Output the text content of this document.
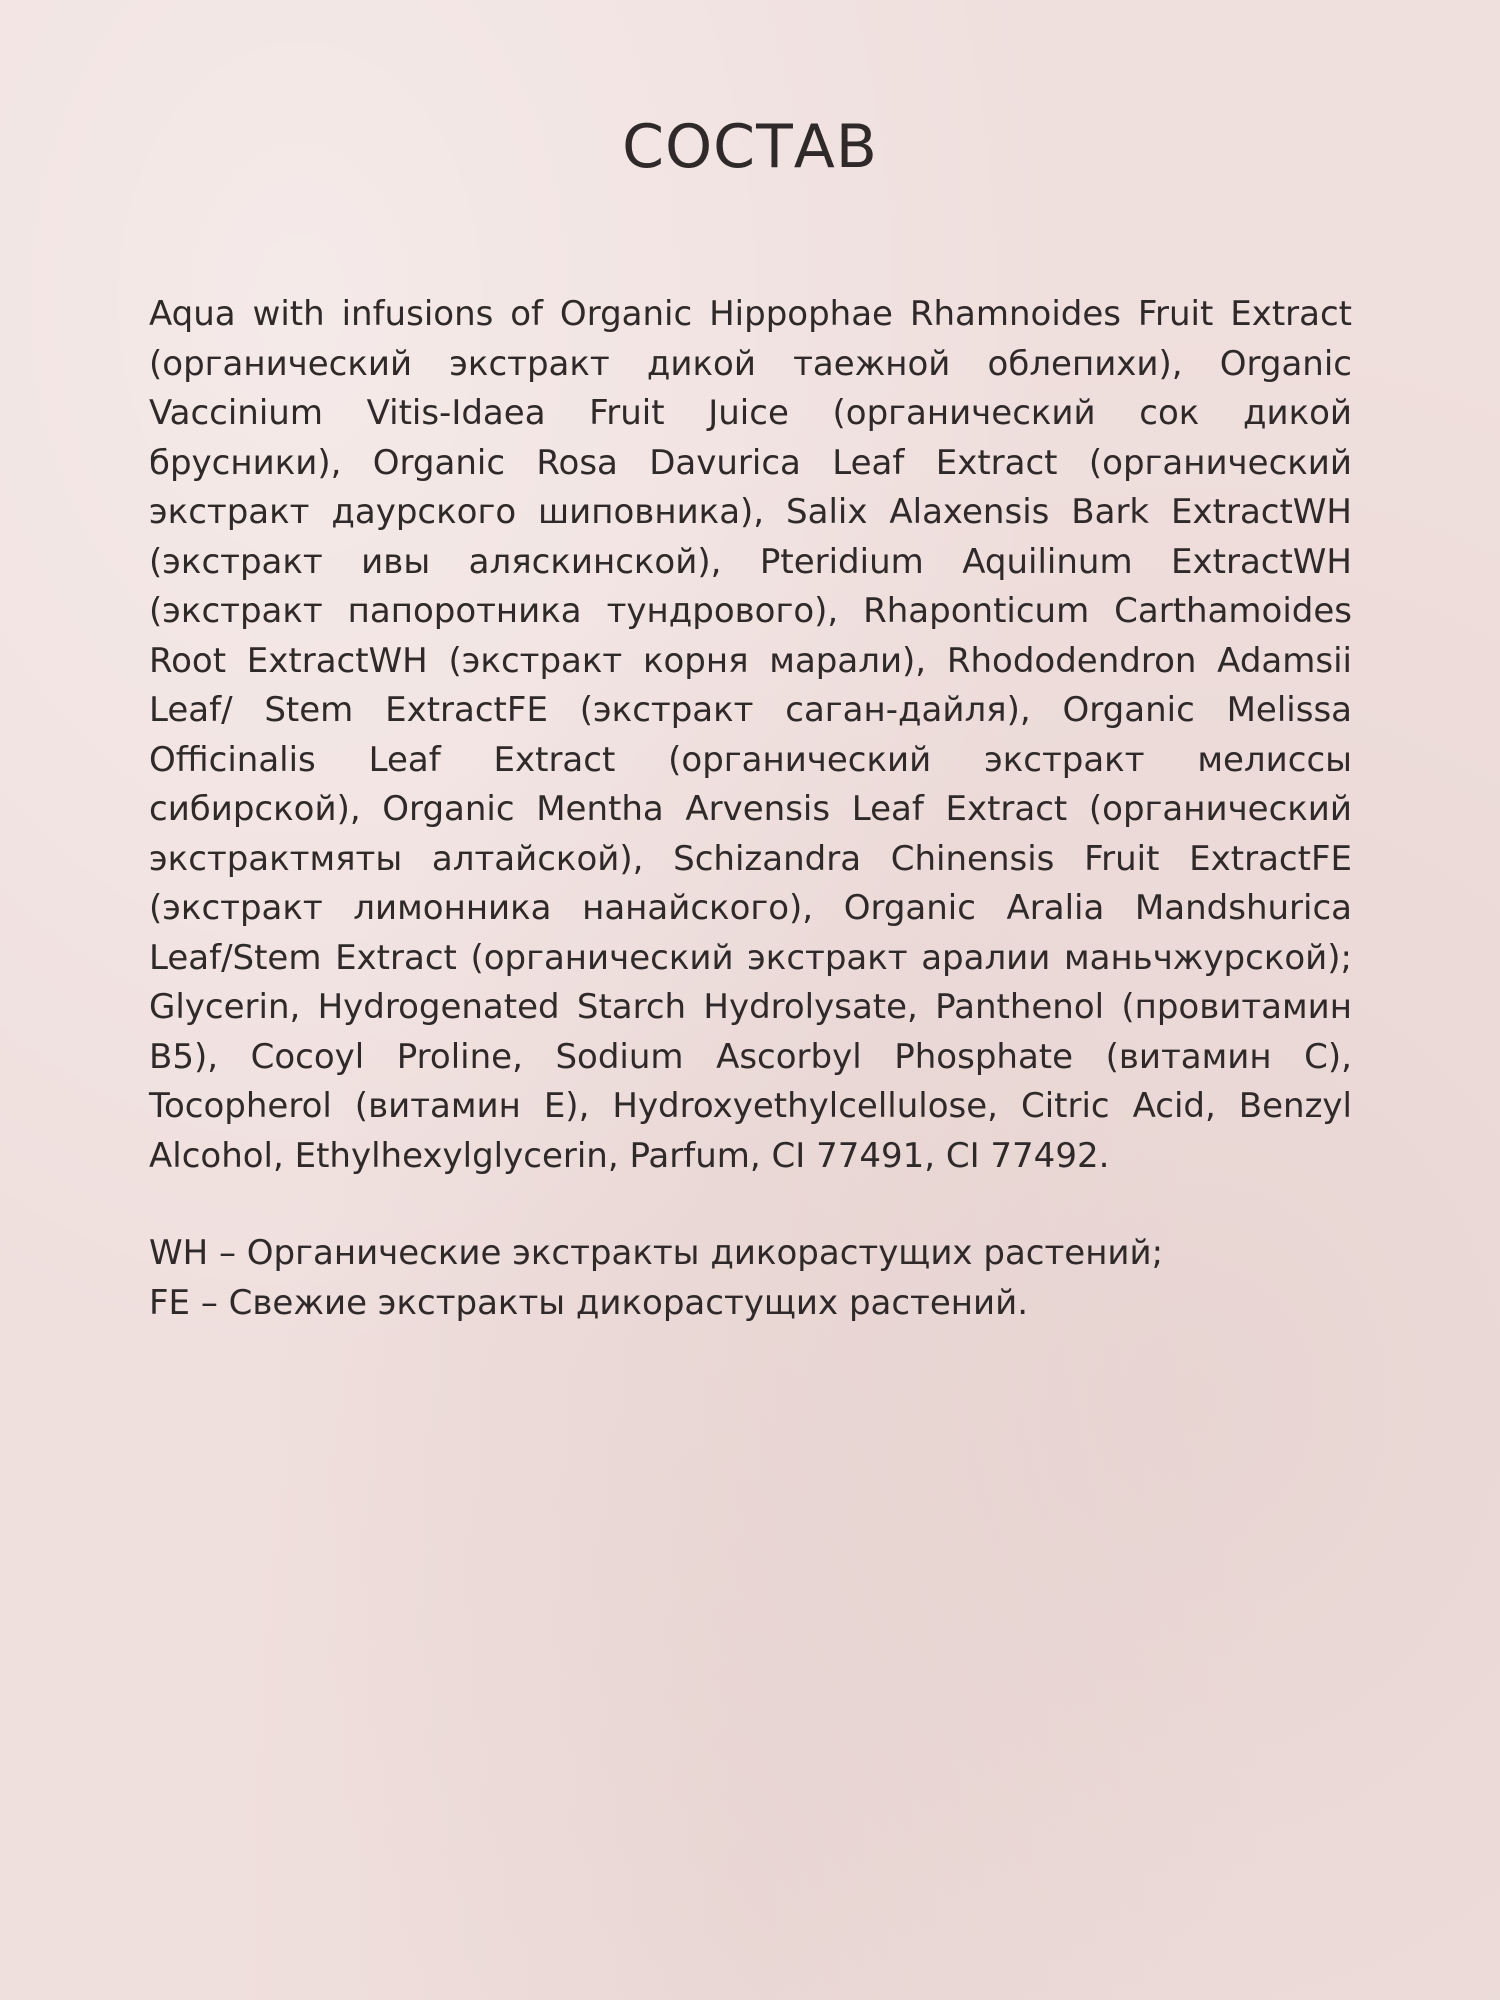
СОСТАВ

Aqua with infusions of Organic Hippophae Rhamnoides Fruit Extract (органический экстракт дикой таежной облепихи), Organic Vaccinium Vitis-Idaea Fruit Juice (органический сок дикой брусники), Organic Rosa Davurica Leaf Extract (органический экстракт даурского шиповника), Salix Alaxensis Bark ExtractWH (экстракт ивы аляскинской), Pteridium Aquilinum ExtractWH (экстракт папоротника тундрового), Rhaponticum Carthamoides Root ExtractWH (экстракт корня марали), Rhododendron Adamsii Leaf/ Stem ExtractFE (экстракт саган-дайля), Organic Melissa Officinalis Leaf Extract (органический экстракт мелиссы сибирской), Organic Mentha Arvensis Leaf Extract (органический экстрактмяты алтайской), Schizandra Chinensis Fruit ExtractFE (экстракт лимонника нанайского), Organic Aralia Mandshurica Leaf/Stem Extract (органический экстракт аралии маньчжурской); Glycerin, Hydrogenated Starch Hydrolysate, Panthenol (провитамин B5), Cocoyl Proline, Sodium Ascorbyl Phosphate (витамин С), Tocopherol (витамин Е), Hydroxyethylcellulose, Citric Acid, Benzyl Alcohol, Ethylhexylglycerin, Parfum, CI 77491, CI 77492.

WH – Органические экстракты дикорастущих растений;
FE – Свежие экстракты дикорастущих растений.
